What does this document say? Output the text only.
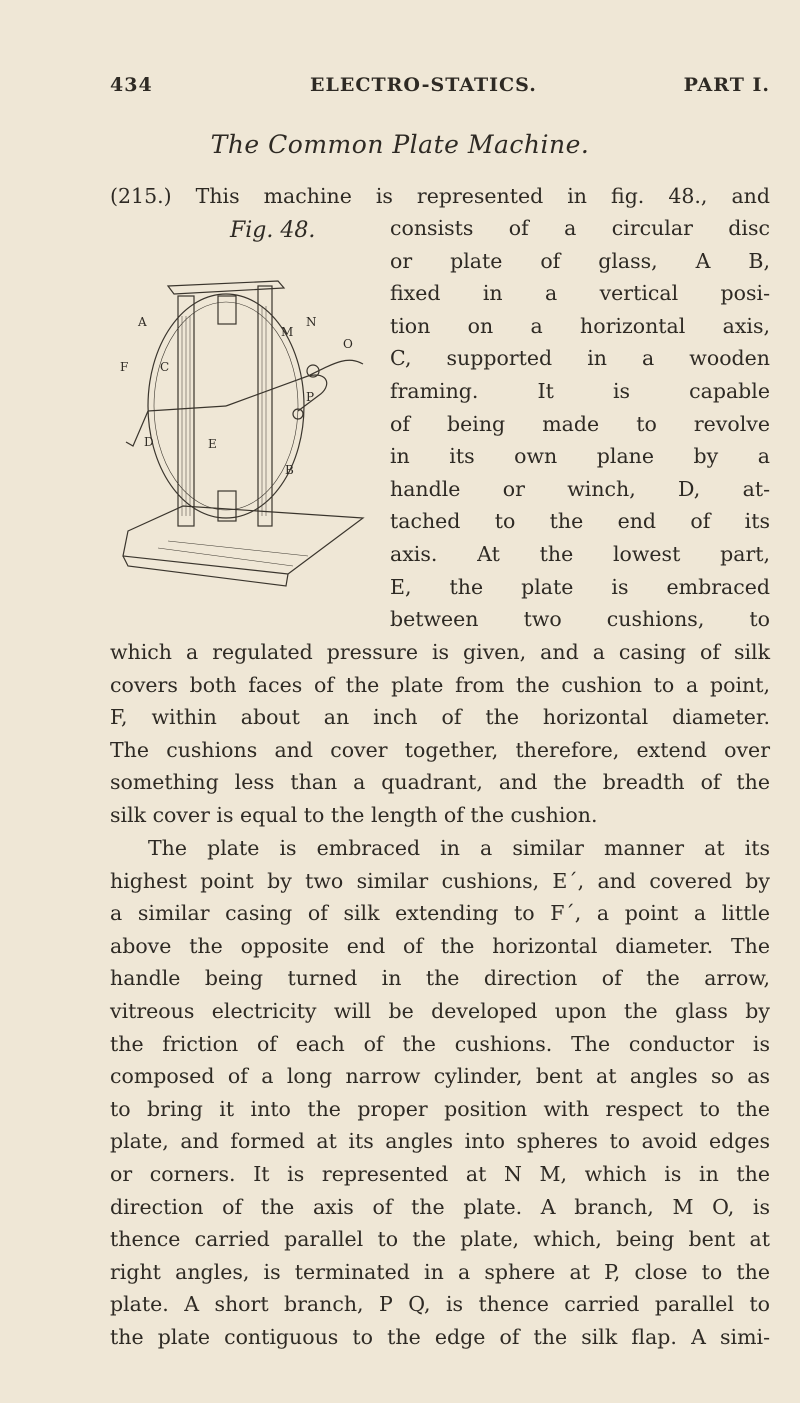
434	ELECTRO-STATICS.	PART I.
The Common Plate Machine.
Fig. 48.
A
F	C
D	E
M
N
O
P
B
(215.) This machine is represented in fig. 48., and
consists of a circular disc
or plate of glass, A B,
fixed in a vertical posi-
tion on a horizontal axis,
C, supported in a wooden
framing. It is capable
of being made to revolve
in its own plane by a
handle or winch, D, at-
tached to the end of its
axis. At the lowest part,
E, the plate is embraced
between two cushions, to
which a regulated pressure is given, and a casing of silk
covers both faces of the plate from the cushion to a point,
F, within about an inch of the horizontal diameter.
The cushions and cover together, therefore, extend over
something less than a quadrant, and the breadth of the
silk cover is equal to the length of the cushion.
The plate is embraced in a similar manner at its
highest point by two similar cushions, E´, and covered by
a similar casing of silk extending to F´, a point a little
above the opposite end of the horizontal diameter. The
handle being turned in the direction of the arrow,
vitreous electricity will be developed upon the glass by
the friction of each of the cushions. The conductor is
composed of a long narrow cylinder, bent at angles so as
to bring it into the proper position with respect to the
plate, and formed at its angles into spheres to avoid edges
or corners. It is represented at N M, which is in the
direction of the axis of the plate. A branch, M O, is
thence carried parallel to the plate, which, being bent at
right angles, is terminated in a sphere at P, close to the
plate. A short branch, P Q, is thence carried parallel to
the plate contiguous to the edge of the silk flap. A simi-
